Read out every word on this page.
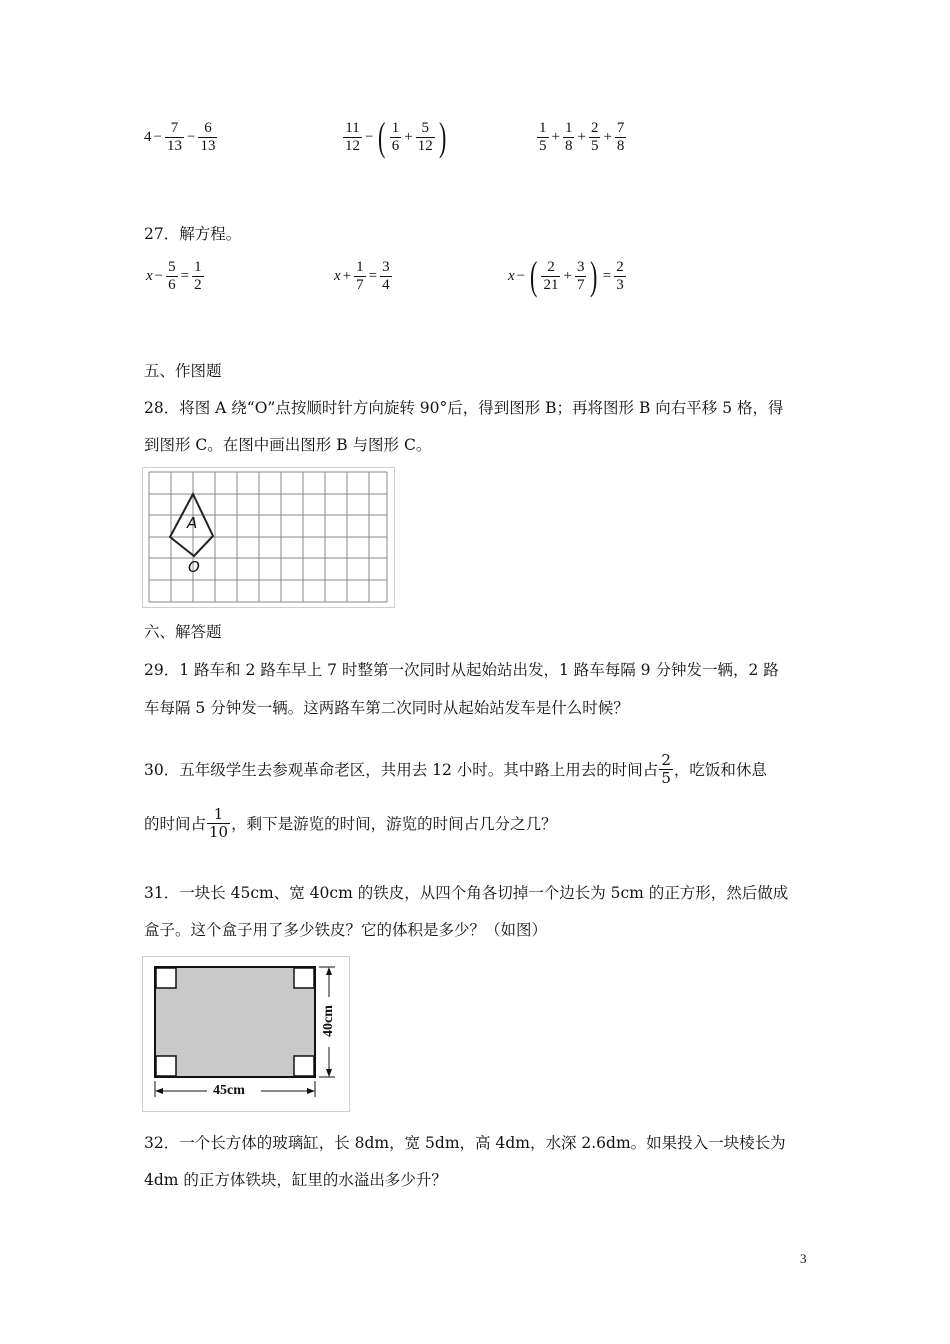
$4 - \frac{7}{13} - \frac{6}{13}$	$\frac{11}{12}$ − ( $\frac{1}{6} + \frac{5}{12}$ )	$\frac{1}{5} + \frac{1}{8} + \frac{2}{5} + \frac{7}{8}$
27．解方程。
$x - \frac{5}{6} = \frac{1}{2}$	$x + \frac{1}{7} = \frac{3}{4}$	x − ( $\frac{2}{21} + \frac{3}{7}$ ) = $\frac{2}{3}$
五、作图题
28．将图 A 绕“O”点按顺时针方向旋转 90°后，得到图形 B；再将图形 B 向右平移 5 格，得
到图形 C。在图中画出图形 B 与图形 C。
A
O
六、解答题
29．1 路车和 2 路车早上 7 时整第一次同时从起始站出发，1 路车每隔 9 分钟发一辆，2 路
车每隔 5 分钟发一辆。这两路车第二次同时从起始站发车是什么时候？
30．五年级学生去参观革命老区，共用去 12 小时。其中路上用去的时间占 $\frac{2}{5}$ ，吃饭和休息
的时间占 $\frac{1}{10}$ ，剩下是游览的时间，游览的时间占几分之几？
31．一块长 45cm、宽 40cm 的铁皮，从四个角各切掉一个边长为 5cm 的正方形，然后做成
盒子。这个盒子用了多少铁皮？它的体积是多少？（如图）
45cm
40cm
32．一个长方体的玻璃缸，长 8dm，宽 5dm，高 4dm，水深 2.6dm。如果投入一块棱长为
4dm 的正方体铁块，缸里的水溢出多少升？
3
